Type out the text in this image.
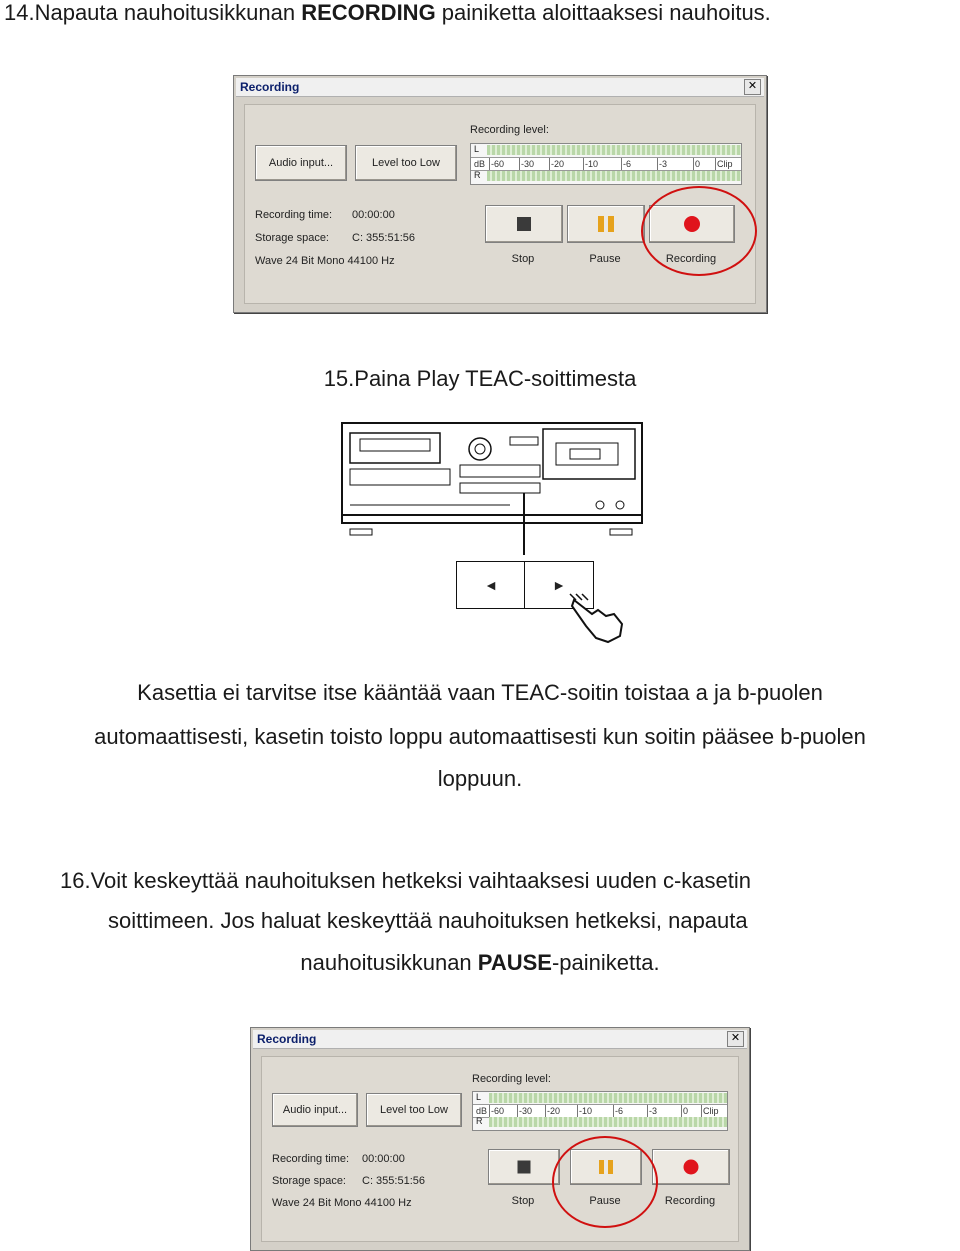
14.Napauta nauhoitusikkunan RECORDING painiketta aloittaaksesi nauhoitus.
Recording	✕
Audio input...	Level too Low
Recording level:
L
dB -60 -30 -20 -10	-6	-3	0 Clip
R
Recording time: 00:00:00
Storage space: C: 355:51:56
Wave 24 Bit Mono 44100 Hz	Stop	Pause	Recording
15.Paina Play TEAC-soittimesta
◄	►
Kasettia ei tarvitse itse kääntää vaan TEAC-soitin toistaa a ja b-puolen
automaattisesti, kasetin toisto loppu automaattisesti kun soitin pääsee b-puolen
loppuun.
16.Voit keskeyttää nauhoituksen hetkeksi vaihtaaksesi uuden c-kasetin
soittimeen. Jos haluat keskeyttää nauhoituksen hetkeksi, napauta
nauhoitusikkunan PAUSE-painiketta.
Recording	✕
Audio input...	Level too Low
Recording level:
L
dB -60 -30 -20 -10	-6	-3	0 Clip
R
Recording time: 00:00:00
Storage space: C: 355:51:56
Wave 24 Bit Mono 44100 Hz	Stop	Pause	Recording
